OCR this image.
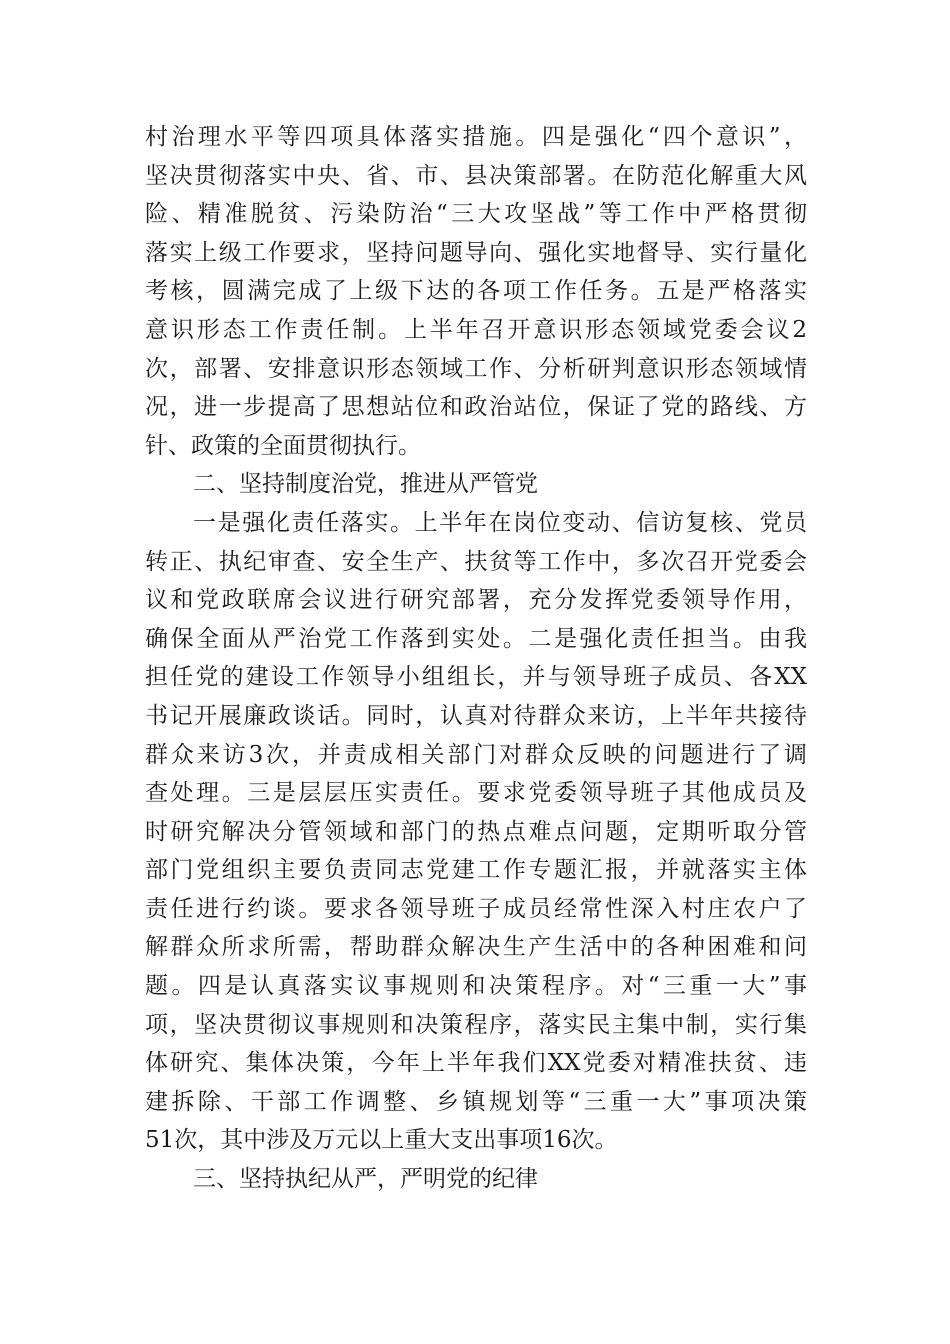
村治理水平等四项具体落实措施。四是强化“四个意识”，
坚决贯彻落实中央、省、市、县决策部署。在防范化解重大风
险、精准脱贫、污染防治“三大攻坚战”等工作中严格贯彻
落实上级工作要求，坚持问题导向、强化实地督导、实行量化
考核，圆满完成了上级下达的各项工作任务。五是严格落实
意识形态工作责任制。上半年召开意识形态领域党委会议2
次，部署、安排意识形态领域工作、分析研判意识形态领域情
况，进一步提高了思想站位和政治站位，保证了党的路线、方
针、政策的全面贯彻执行。
二、坚持制度治党，推进从严管党
一是强化责任落实。上半年在岗位变动、信访复核、党员
转正、执纪审查、安全生产、扶贫等工作中，多次召开党委会
议和党政联席会议进行研究部署，充分发挥党委领导作用，
确保全面从严治党工作落到实处。二是强化责任担当。由我
担任党的建设工作领导小组组长，并与领导班子成员、各XX
书记开展廉政谈话。同时，认真对待群众来访，上半年共接待
群众来访3次，并责成相关部门对群众反映的问题进行了调
查处理。三是层层压实责任。要求党委领导班子其他成员及
时研究解决分管领域和部门的热点难点问题，定期听取分管
部门党组织主要负责同志党建工作专题汇报，并就落实主体
责任进行约谈。要求各领导班子成员经常性深入村庄农户了
解群众所求所需，帮助群众解决生产生活中的各种困难和问
题。四是认真落实议事规则和决策程序。对“三重一大”事
项，坚决贯彻议事规则和决策程序，落实民主集中制，实行集
体研究、集体决策，今年上半年我们XX党委对精准扶贫、违
建拆除、干部工作调整、乡镇规划等“三重一大”事项决策
51次，其中涉及万元以上重大支出事项16次。
三、坚持执纪从严，严明党的纪律
